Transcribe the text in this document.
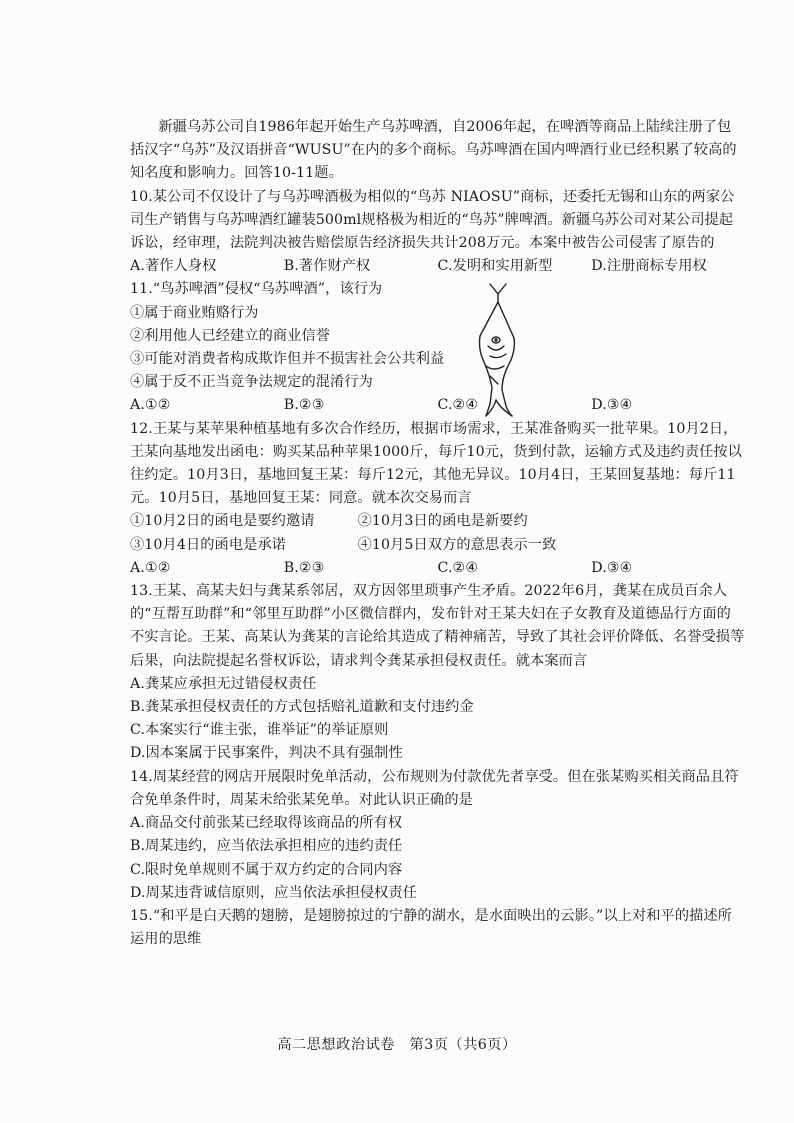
新疆乌苏公司自1986年起开始生产乌苏啤酒，自2006年起，在啤酒等商品上陆续注册了包括汉字“乌苏”及汉语拼音“WUSU”在内的多个商标。乌苏啤酒在国内啤酒行业已经积累了较高的知名度和影响力。回答10-11题。

10.某公司不仅设计了与乌苏啤酒极为相似的“鸟苏 NIAOSU”商标，还委托无锡和山东的两家公司生产销售与乌苏啤酒红罐装500ml规格极为相近的“鸟苏”牌啤酒。新疆乌苏公司对某公司提起诉讼，经审理，法院判决被告赔偿原告经济损失共计208万元。本案中被告公司侵害了原告的

A.著作人身权	B.著作财产权	C.发明和实用新型	D.注册商标专用权

11.“鸟苏啤酒”侵权“乌苏啤酒”，该行为

①属于商业贿赂行为

②利用他人已经建立的商业信誉

③可能对消费者构成欺诈但并不损害社会公共利益

④属于反不正当竞争法规定的混淆行为

A.①②	B.②③	C.②④	D.③④

12.王某与某苹果种植基地有多次合作经历，根据市场需求，王某准备购买一批苹果。10月2日，王某向基地发出函电：购买某品种苹果1000斤，每斤10元，货到付款，运输方式及违约责任按以往约定。10月3日，基地回复王某：每斤12元，其他无异议。10月4日，王某回复基地：每斤11元。10月5日，基地回复王某：同意。就本次交易而言

①10月2日的函电是要约邀请	②10月3日的函电是新要约
③10月4日的函电是承诺	④10月5日双方的意思表示一致
A.①②	B.②③	C.②④	D.③④

13.王某、高某夫妇与龚某系邻居，双方因邻里琐事产生矛盾。2022年6月，龚某在成员百余人的“互帮互助群”和“邻里互助群”小区微信群内，发布针对王某夫妇在子女教育及道德品行方面的不实言论。王某、高某认为龚某的言论给其造成了精神痛苦，导致了其社会评价降低、名誉受损等后果，向法院提起名誉权诉讼，请求判令龚某承担侵权责任。就本案而言

A.龚某应承担无过错侵权责任

B.龚某承担侵权责任的方式包括赔礼道歉和支付违约金

C.本案实行“谁主张，谁举证”的举证原则

D.因本案属于民事案件，判决不具有强制性

14.周某经营的网店开展限时免单活动，公布规则为付款优先者享受。但在张某购买相关商品且符合免单条件时，周某未给张某免单。对此认识正确的是

A.商品交付前张某已经取得该商品的所有权

B.周某违约，应当依法承担相应的违约责任

C.限时免单规则不属于双方约定的合同内容

D.周某违背诚信原则，应当依法承担侵权责任

15.“和平是白天鹅的翅膀，是翅膀掠过的宁静的湖水，是水面映出的云影。”以上对和平的描述所运用的思维

高二思想政治试卷　第3页（共6页）
